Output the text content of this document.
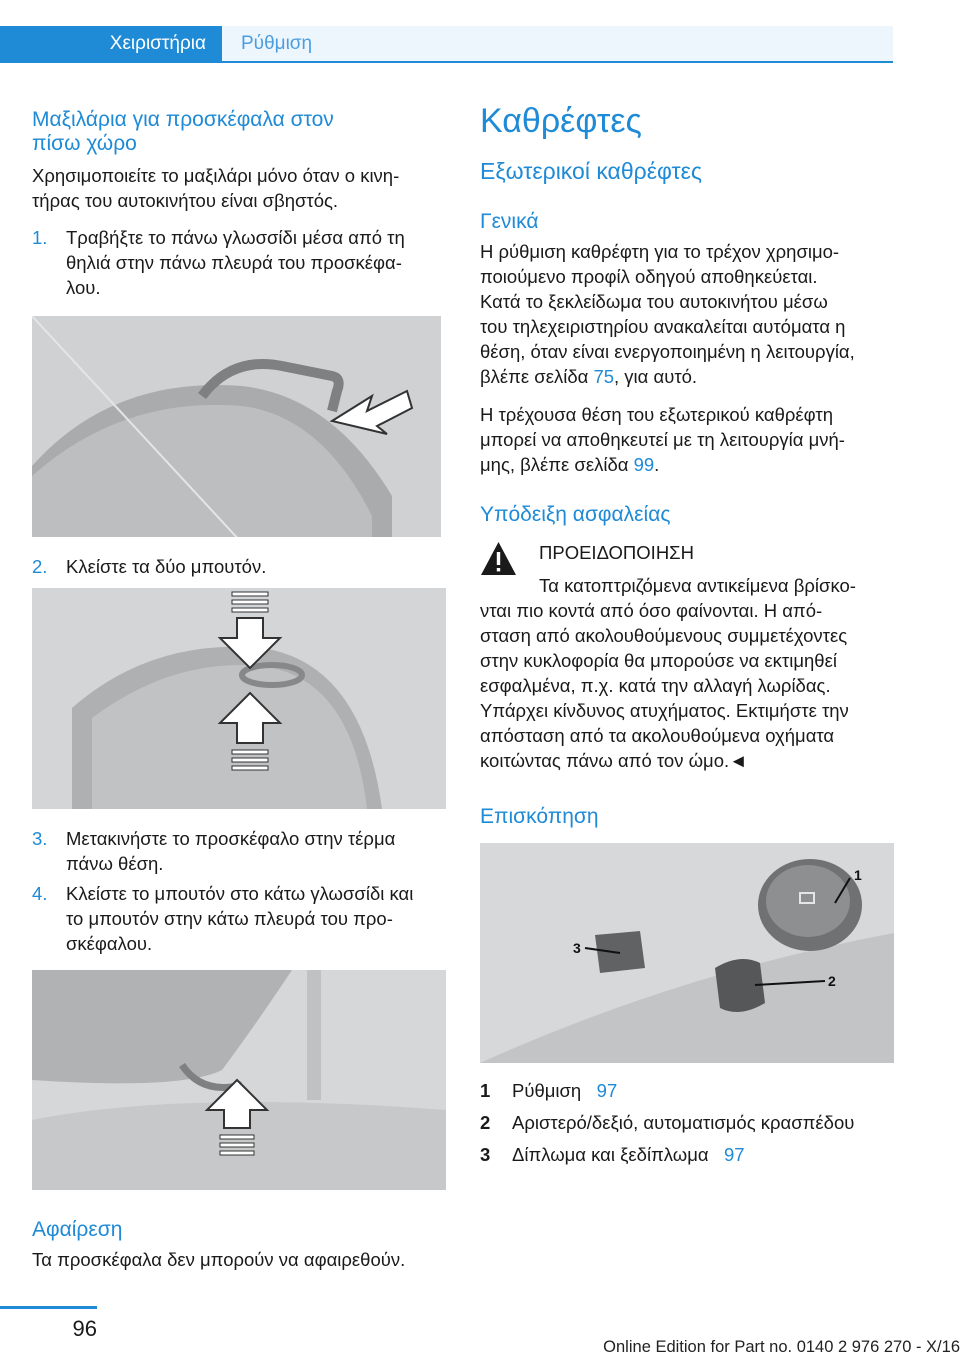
Χειριστήρια	Ρύθμιση
Μαξιλάρια για προσκέφαλα στον
πίσω χώρο
Χρησιμοποιείτε το μαξιλάρι μόνο όταν ο κινη‐
τήρας του αυτοκινήτου είναι σβηστός.
1. Τραβήξτε το πάνω γλωσσίδι μέσα από τη
θηλιά στην πάνω πλευρά του προσκέφα‐
λου.
2. Κλείστε τα δύο μπουτόν.
3. Μετακινήστε το προσκέφαλο στην τέρμα
πάνω θέση.
4. Κλείστε το μπουτόν στο κάτω γλωσσίδι και
το μπουτόν στην κάτω πλευρά του προ‐
σκέφαλου.
Αφαίρεση
Τα προσκέφαλα δεν μπορούν να αφαιρεθούν.
Καθρέφτες
Εξωτερικοί καθρέφτες
Γενικά
Η ρύθμιση καθρέφτη για το τρέχον χρησιμο‐
ποιούμενο προφίλ οδηγού αποθηκεύεται.
Κατά το ξεκλείδωμα του αυτοκινήτου μέσω
του τηλεχειριστηρίου ανακαλείται αυτόματα η
θέση, όταν είναι ενεργοποιημένη η λειτουργία,
βλέπε σελίδα 75, για αυτό.
Η τρέχουσα θέση του εξωτερικού καθρέφτη
μπορεί να αποθηκευτεί με τη λειτουργία μνή‐
μης, βλέπε σελίδα 99.
Υπόδειξη ασφαλείας
ΠΡΟΕΙΔΟΠΟΙΗΣΗ
Τα κατοπτριζόμενα αντικείμενα βρίσκο‐
νται πιο κοντά από όσο φαίνονται. Η από‐
σταση από ακολουθούμενους συμμετέχοντες
στην κυκλοφορία θα μπορούσε να εκτιμηθεί
εσφαλμένα, π.χ. κατά την αλλαγή λωρίδας.
Υπάρχει κίνδυνος ατυχήματος. Εκτιμήστε την
απόσταση από τα ακολουθούμενα οχήματα
κοιτώντας πάνω από τον ώμο.◄
Επισκόπηση
1
2
3
1 Ρύθμιση 97
2 Αριστερό/δεξιό, αυτοματισμός κρασπέδου
3 Δίπλωμα και ξεδίπλωμα 97
96
Online Edition for Part no. 0140 2 976 270 - X/16
